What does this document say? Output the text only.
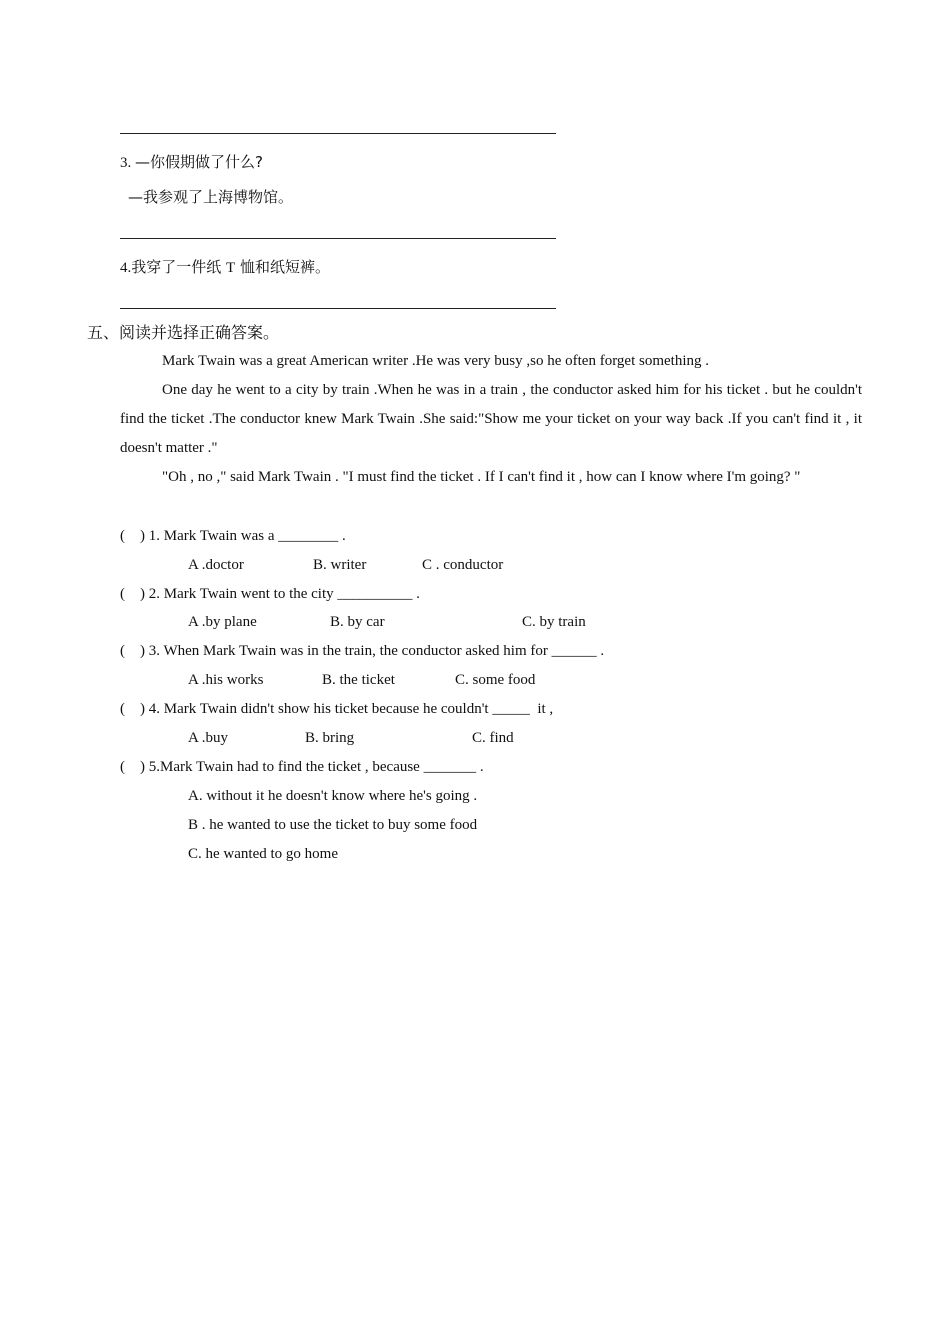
3. —你假期做了什么?
—我参观了上海博物馆。
4.我穿了一件纸 T 恤和纸短裤。
五、阅读并选择正确答案。
Mark Twain was a great American writer .He was very busy ,so he often forget something .
One day he went to a city by train .When he was in a train , the conductor asked him for his ticket . but he couldn't find the ticket .The conductor knew Mark Twain .She said:"Show me your ticket on your way back .If you can't find it , it doesn't matter ."
"Oh , no ," said Mark Twain . "I must find the ticket . If I can't find it , how can I know where I'm going? "
(    ) 1. Mark Twain was a ________ .
A .doctor	B. writer	C . conductor
(    ) 2. Mark Twain went to the city __________ .
A .by plane	B. by car	C. by train
(    ) 3. When Mark Twain was in the train, the conductor asked him for ______ .
A .his works	B. the ticket	C. some food
(    ) 4. Mark Twain didn't show his ticket because he couldn't _____  it ,
A .buy	B. bring	C. find
(    ) 5.Mark Twain had to find the ticket , because _______ .
A. without it he doesn't know where he's going .
B . he wanted to use the ticket to buy some food
C. he wanted to go home
